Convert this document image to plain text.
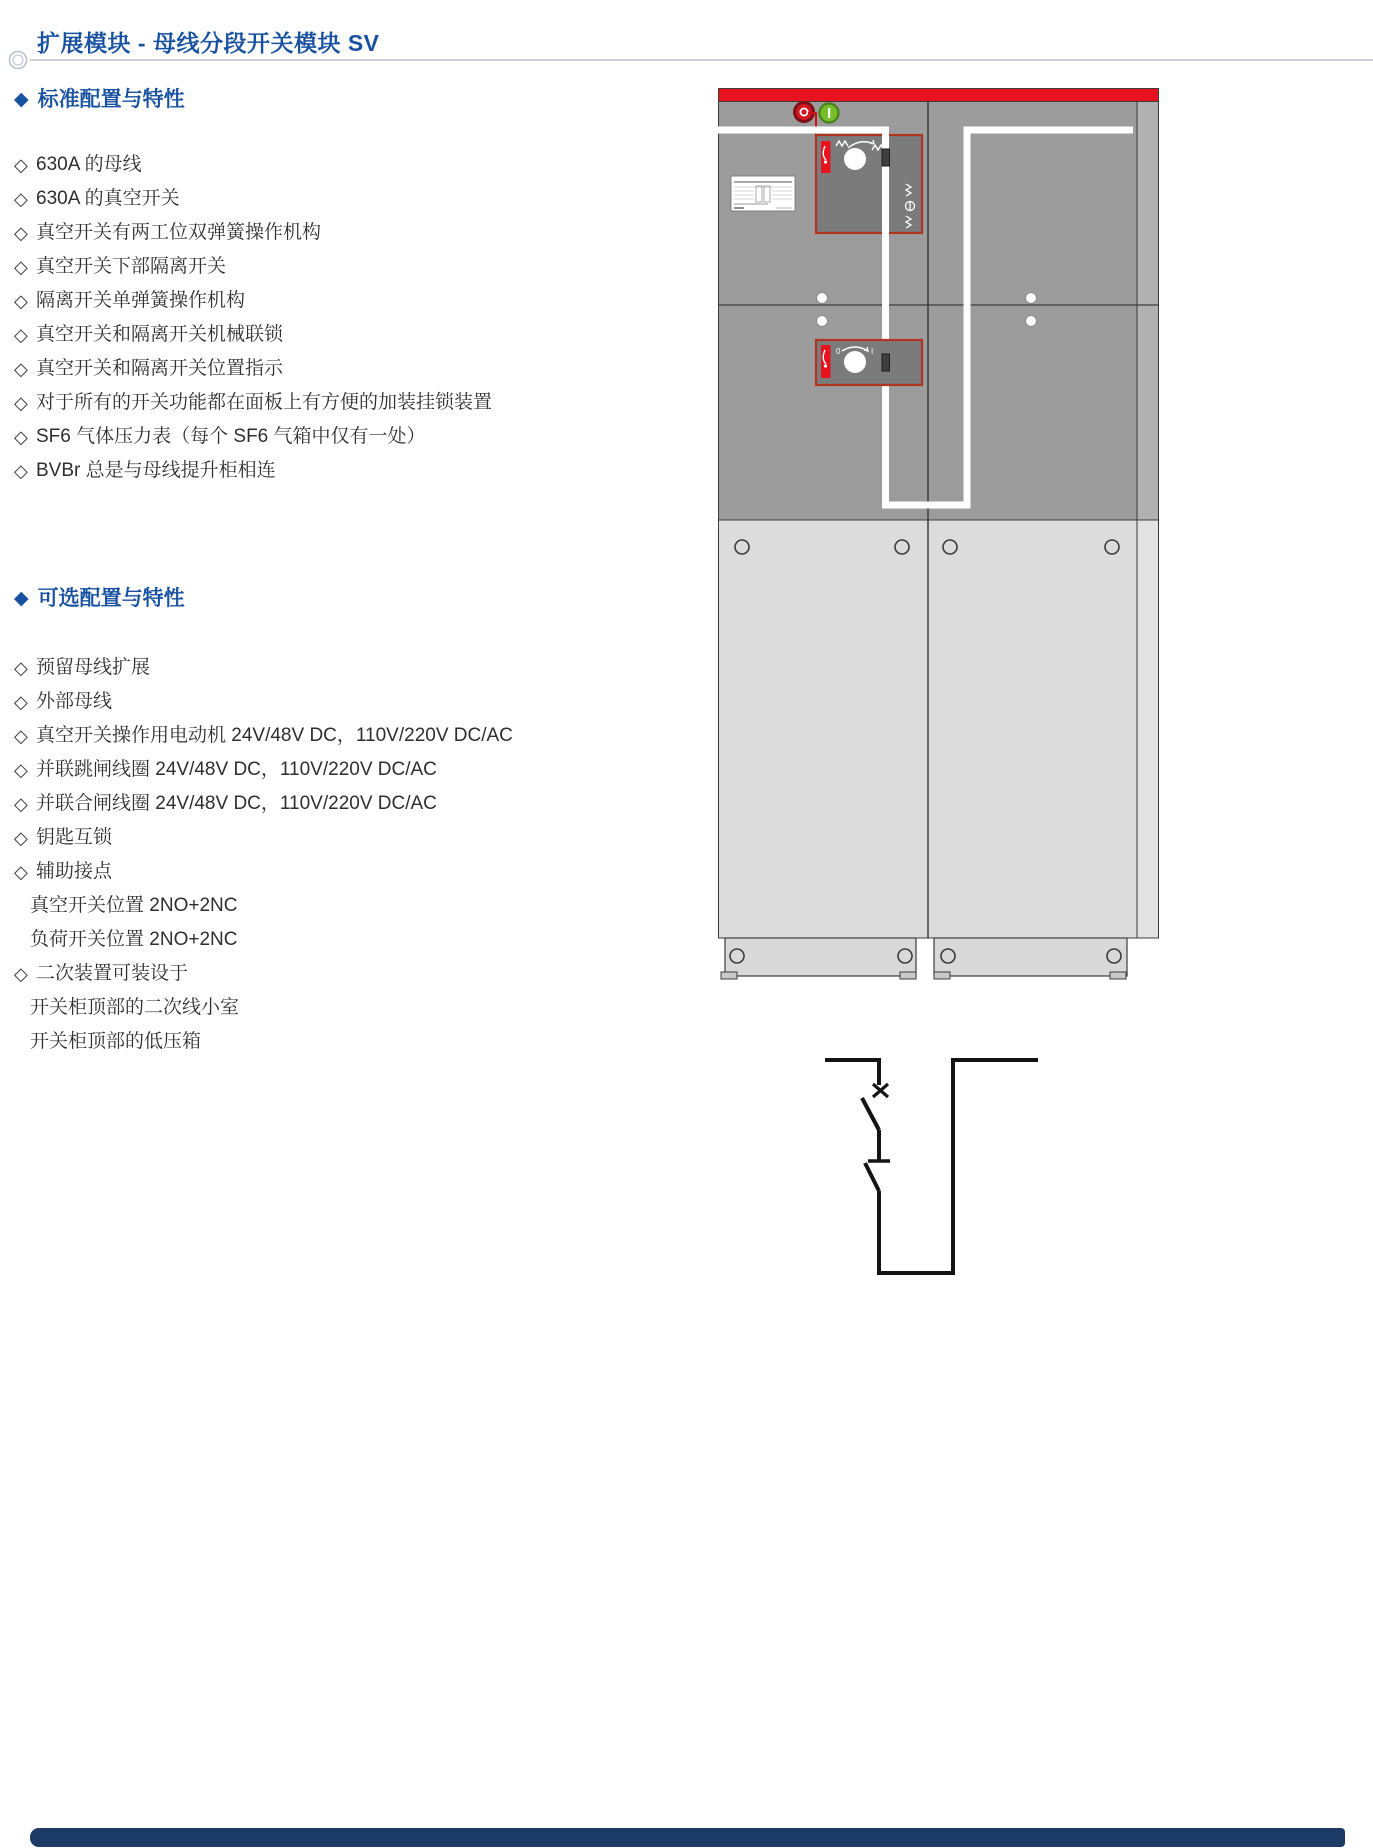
扩展模块 - 母线分段开关模块 SV
◆ 标准配置与特性
◇ 630A 的母线
◇ 630A 的真空开关
◇ 真空开关有两工位双弹簧操作机构
◇ 真空开关下部隔离开关
◇ 隔离开关单弹簧操作机构
◇ 真空开关和隔离开关机械联锁
◇ 真空开关和隔离开关位置指示
◇ 对于所有的开关功能都在面板上有方便的加装挂锁装置
◇ SF6 气体压力表（每个 SF6 气箱中仅有一处）
◇ BVBr 总是与母线提升柜相连
◆ 可选配置与特性
◇ 预留母线扩展
◇ 外部母线
◇ 真空开关操作用电动机 24V/48V DC，110V/220V DC/AC
◇ 并联跳闸线圈 24V/48V DC，110V/220V DC/AC
◇ 并联合闸线圈 24V/48V DC，110V/220V DC/AC
◇ 钥匙互锁
◇ 辅助接点
真空开关位置 2NO+2NC
负荷开关位置 2NO+2NC
◇ 二次装置可装设于
开关柜顶部的二次线小室
开关柜顶部的低压箱
0	I
